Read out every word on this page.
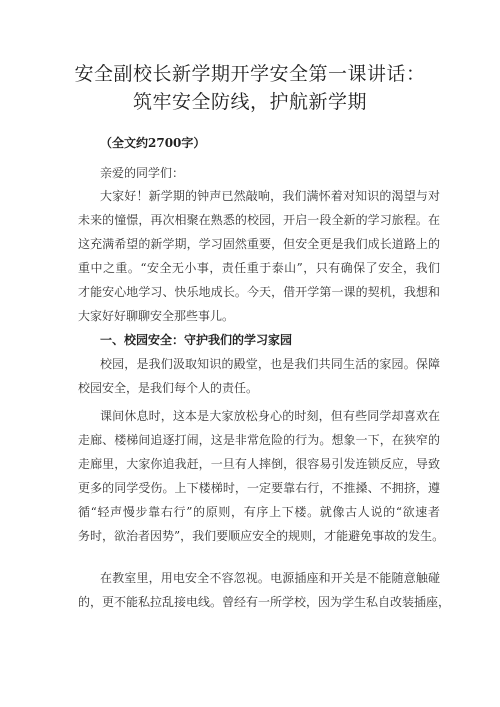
安全副校长新学期开学安全第一课讲话：
筑牢安全防线，护航新学期
（全文约2700字）
亲爱的同学们：
大家好！新学期的钟声已然敲响，我们满怀着对知识的渴望与对
未来的憧憬，再次相聚在熟悉的校园，开启一段全新的学习旅程。在
这充满希望的新学期，学习固然重要，但安全更是我们成长道路上的
重中之重。“安全无小事，责任重于泰山”，只有确保了安全，我们
才能安心地学习、快乐地成长。今天，借开学第一课的契机，我想和
大家好好聊聊安全那些事儿。
一、校园安全：守护我们的学习家园
校园，是我们汲取知识的殿堂，也是我们共同生活的家园。保障
校园安全，是我们每个人的责任。
课间休息时，这本是大家放松身心的时刻，但有些同学却喜欢在
走廊、楼梯间追逐打闹，这是非常危险的行为。想象一下，在狭窄的
走廊里，大家你追我赶，一旦有人摔倒，很容易引发连锁反应，导致
更多的同学受伤。上下楼梯时，一定要靠右行，不推搡、不拥挤，遵
循“轻声慢步靠右行”的原则，有序上下楼。就像古人说的“欲速者
务时，欲治者因势”，我们要顺应安全的规则，才能避免事故的发生。
在教室里，用电安全不容忽视。电源插座和开关是不能随意触碰
的，更不能私拉乱接电线。曾经有一所学校，因为学生私自改装插座，
